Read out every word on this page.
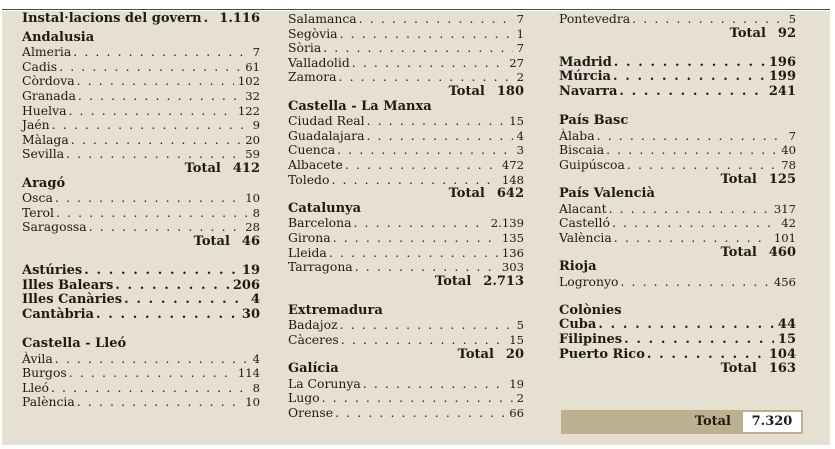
Instal·lacions del govern . . . 1.116
Andalusia
Almeria . . .	7
Cadis . . .	61
Còrdova . . .	102
Granada . . .	32
Huelva . . .	122
Jaén . . .	9
Màlaga . . .	20
Sevilla . . .	59
Total 412
Aragó
Osca . . .	10
Terol . . .	8
Saragossa . . .	28
Total 46
Astúries . . .	19
Illes Balears . . .	206
Illes Canàries . . .	4
Cantàbria . . .	30
Castella - Lleó
Àvila . . .	4
Burgos . . .	114
Lleó . . .	8
Palència . . .	10
Salamanca . . .	7
Segòvia . . .	1
Sòria . . .	7
Valladolid . . .	27
Zamora . . .	2
Total 180
Castella - La Manxa
Ciudad Real . . .	15
Guadalajara . . .	4
Cuenca . . .	3
Albacete . . .	472
Toledo . . .	148
Total 642
Catalunya
Barcelona . . .	2.139
Girona . . .	135
Lleida . . .	136
Tarragona . . .	303
Total 2.713
Extremadura
Badajoz . . .	5
Càceres . . .	15
Total 20
Galícia
La Corunya . . .	19
Lugo . . .	2
Orense . . .	66
Pontevedra . . .	5
Total 92
Madrid . . .	196
Múrcia . . .	199
Navarra . . .	241
País Basc
Àlaba . . .	7
Biscaia . . .	40
Guipúscoa . . .	78
Total 125
País Valencià
Alacant . . .	317
Castelló . . .	42
València . . .	101
Total 460
Rioja
Logronyo . . .	456
Colònies
Cuba . . .	44
Filipines . . .	15
Puerto Rico . . .	104
Total 163
Total	7.320
